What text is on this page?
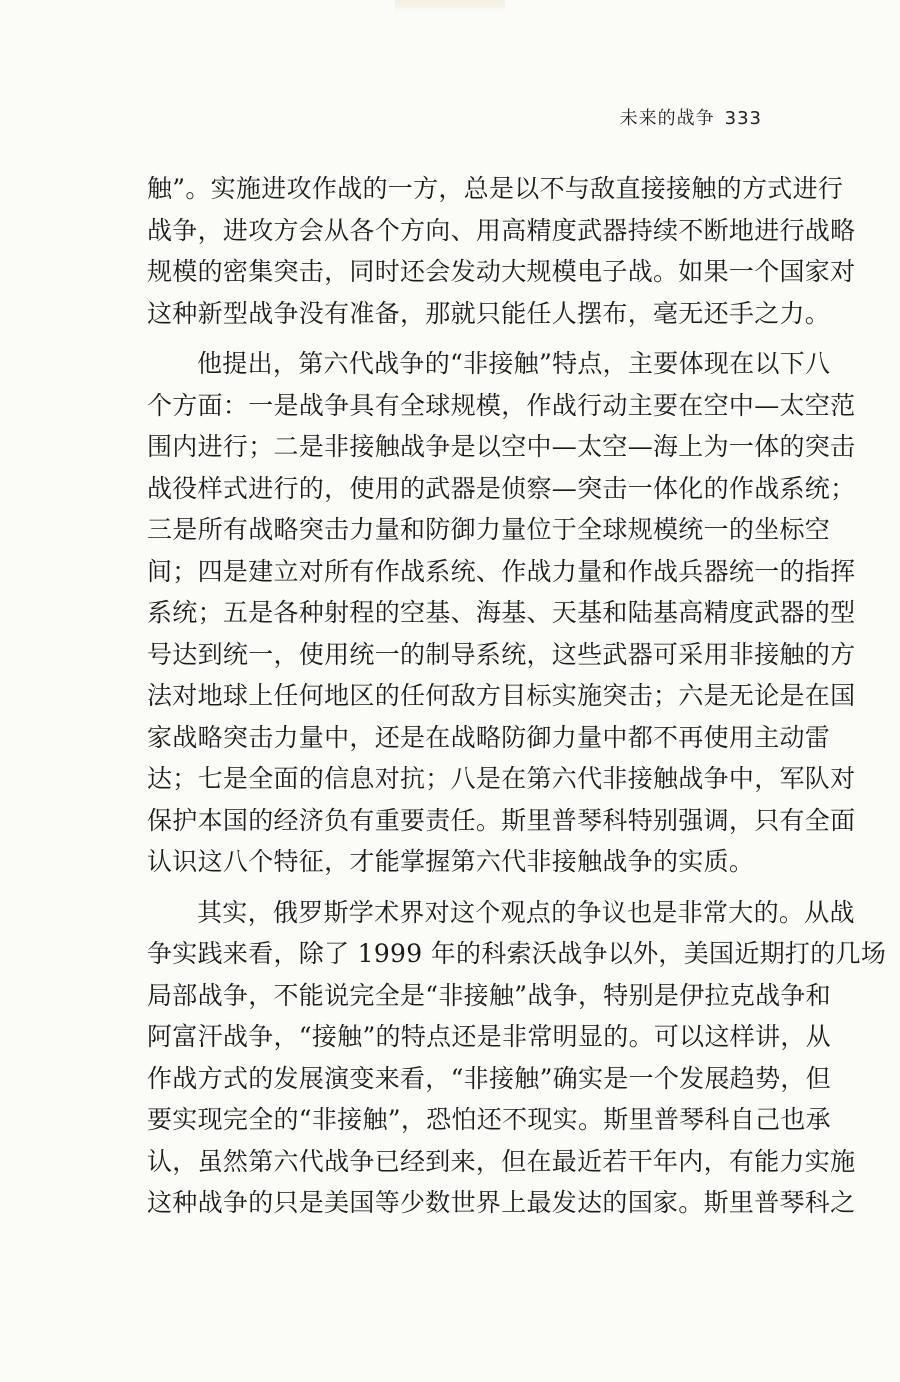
未来的战争 333
触”。实施进攻作战的一方，总是以不与敌直接接触的方式进行
战争，进攻方会从各个方向、用高精度武器持续不断地进行战略
规模的密集突击，同时还会发动大规模电子战。如果一个国家对
这种新型战争没有准备，那就只能任人摆布，毫无还手之力。
他提出，第六代战争的“非接触”特点，主要体现在以下八
个方面：一是战争具有全球规模，作战行动主要在空中—太空范
围内进行；二是非接触战争是以空中—太空—海上为一体的突击
战役样式进行的，使用的武器是侦察—突击一体化的作战系统；
三是所有战略突击力量和防御力量位于全球规模统一的坐标空
间；四是建立对所有作战系统、作战力量和作战兵器统一的指挥
系统；五是各种射程的空基、海基、天基和陆基高精度武器的型
号达到统一，使用统一的制导系统，这些武器可采用非接触的方
法对地球上任何地区的任何敌方目标实施突击；六是无论是在国
家战略突击力量中，还是在战略防御力量中都不再使用主动雷
达；七是全面的信息对抗；八是在第六代非接触战争中，军队对
保护本国的经济负有重要责任。斯里普琴科特别强调，只有全面
认识这八个特征，才能掌握第六代非接触战争的实质。
其实，俄罗斯学术界对这个观点的争议也是非常大的。从战
争实践来看，除了 1999 年的科索沃战争以外，美国近期打的几场
局部战争，不能说完全是“非接触”战争，特别是伊拉克战争和
阿富汗战争，“接触”的特点还是非常明显的。可以这样讲，从
作战方式的发展演变来看，“非接触”确实是一个发展趋势，但
要实现完全的“非接触”，恐怕还不现实。斯里普琴科自己也承
认，虽然第六代战争已经到来，但在最近若干年内，有能力实施
这种战争的只是美国等少数世界上最发达的国家。斯里普琴科之
